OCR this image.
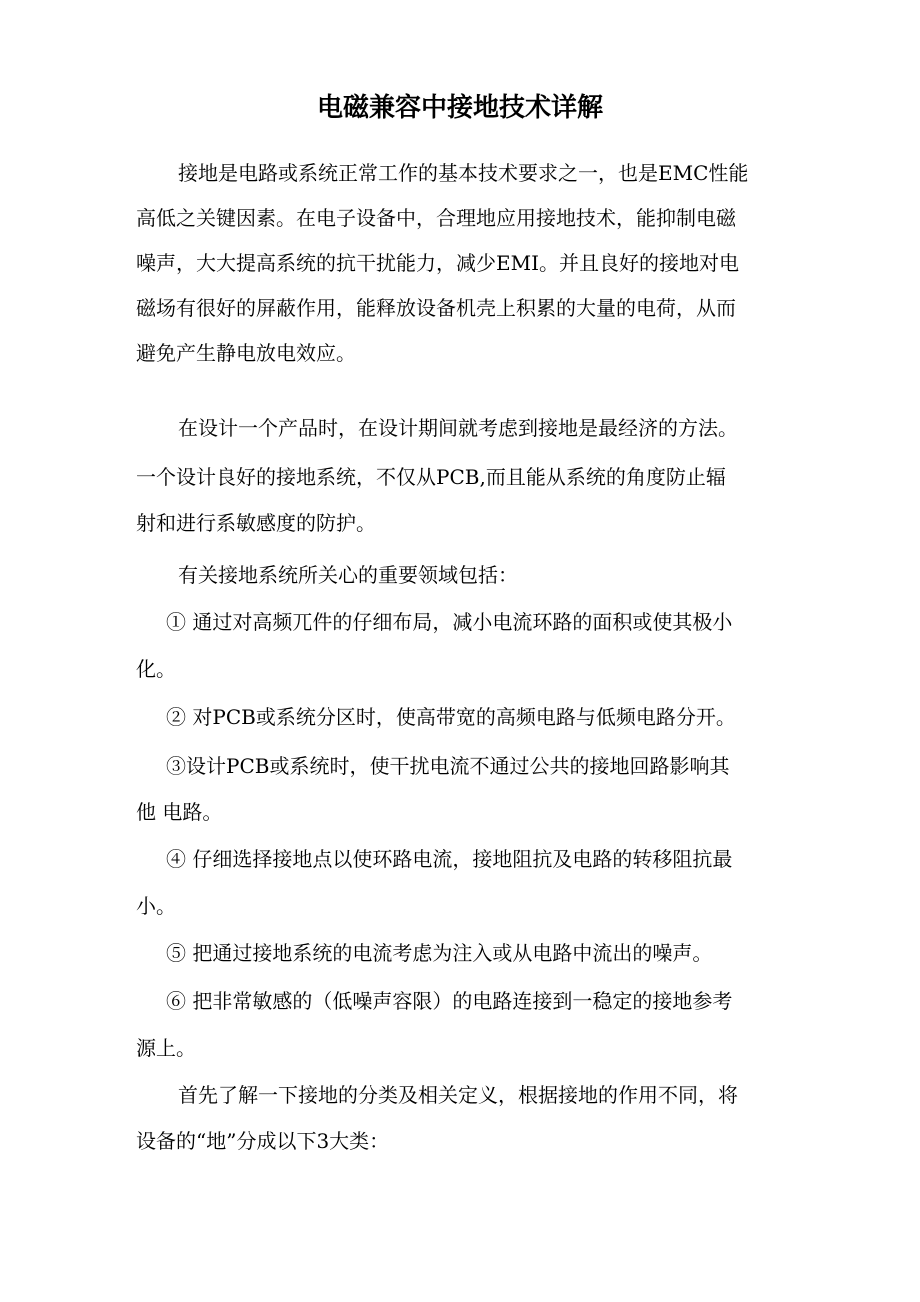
电磁兼容中接地技术详解
接地是电路或系统正常工作的基本技术要求之一，也是EMC性能
高低之关键因素。在电子设备中，合理地应用接地技术，能抑制电磁
噪声，大大提高系统的抗干扰能力，减少EMI。并且良好的接地对电
磁场有很好的屏蔽作用，能释放设备机壳上积累的大量的电荷，从而
避免产生静电放电效应。
在设计一个产品时，在设计期间就考虑到接地是最经济的方法。
一个设计良好的接地系统，不仅从PCB,而且能从系统的角度防止辐
射和进行系敏感度的防护。
有关接地系统所关心的重要领域包括：
① 通过对高频兀件的仔细布局，减小电流环路的面积或使其极小
化。
② 对PCB或系统分区时，使高带宽的高频电路与低频电路分开。
③设计PCB或系统时，使干扰电流不通过公共的接地回路影响其
他 电路。
④ 仔细选择接地点以使环路电流，接地阻抗及电路的转移阻抗最
小。
⑤ 把通过接地系统的电流考虑为注入或从电路中流出的噪声。
⑥ 把非常敏感的（低噪声容限）的电路连接到一稳定的接地参考
源上。
首先了解一下接地的分类及相关定义，根据接地的作用不同，将
设备的“地”分成以下3大类：
